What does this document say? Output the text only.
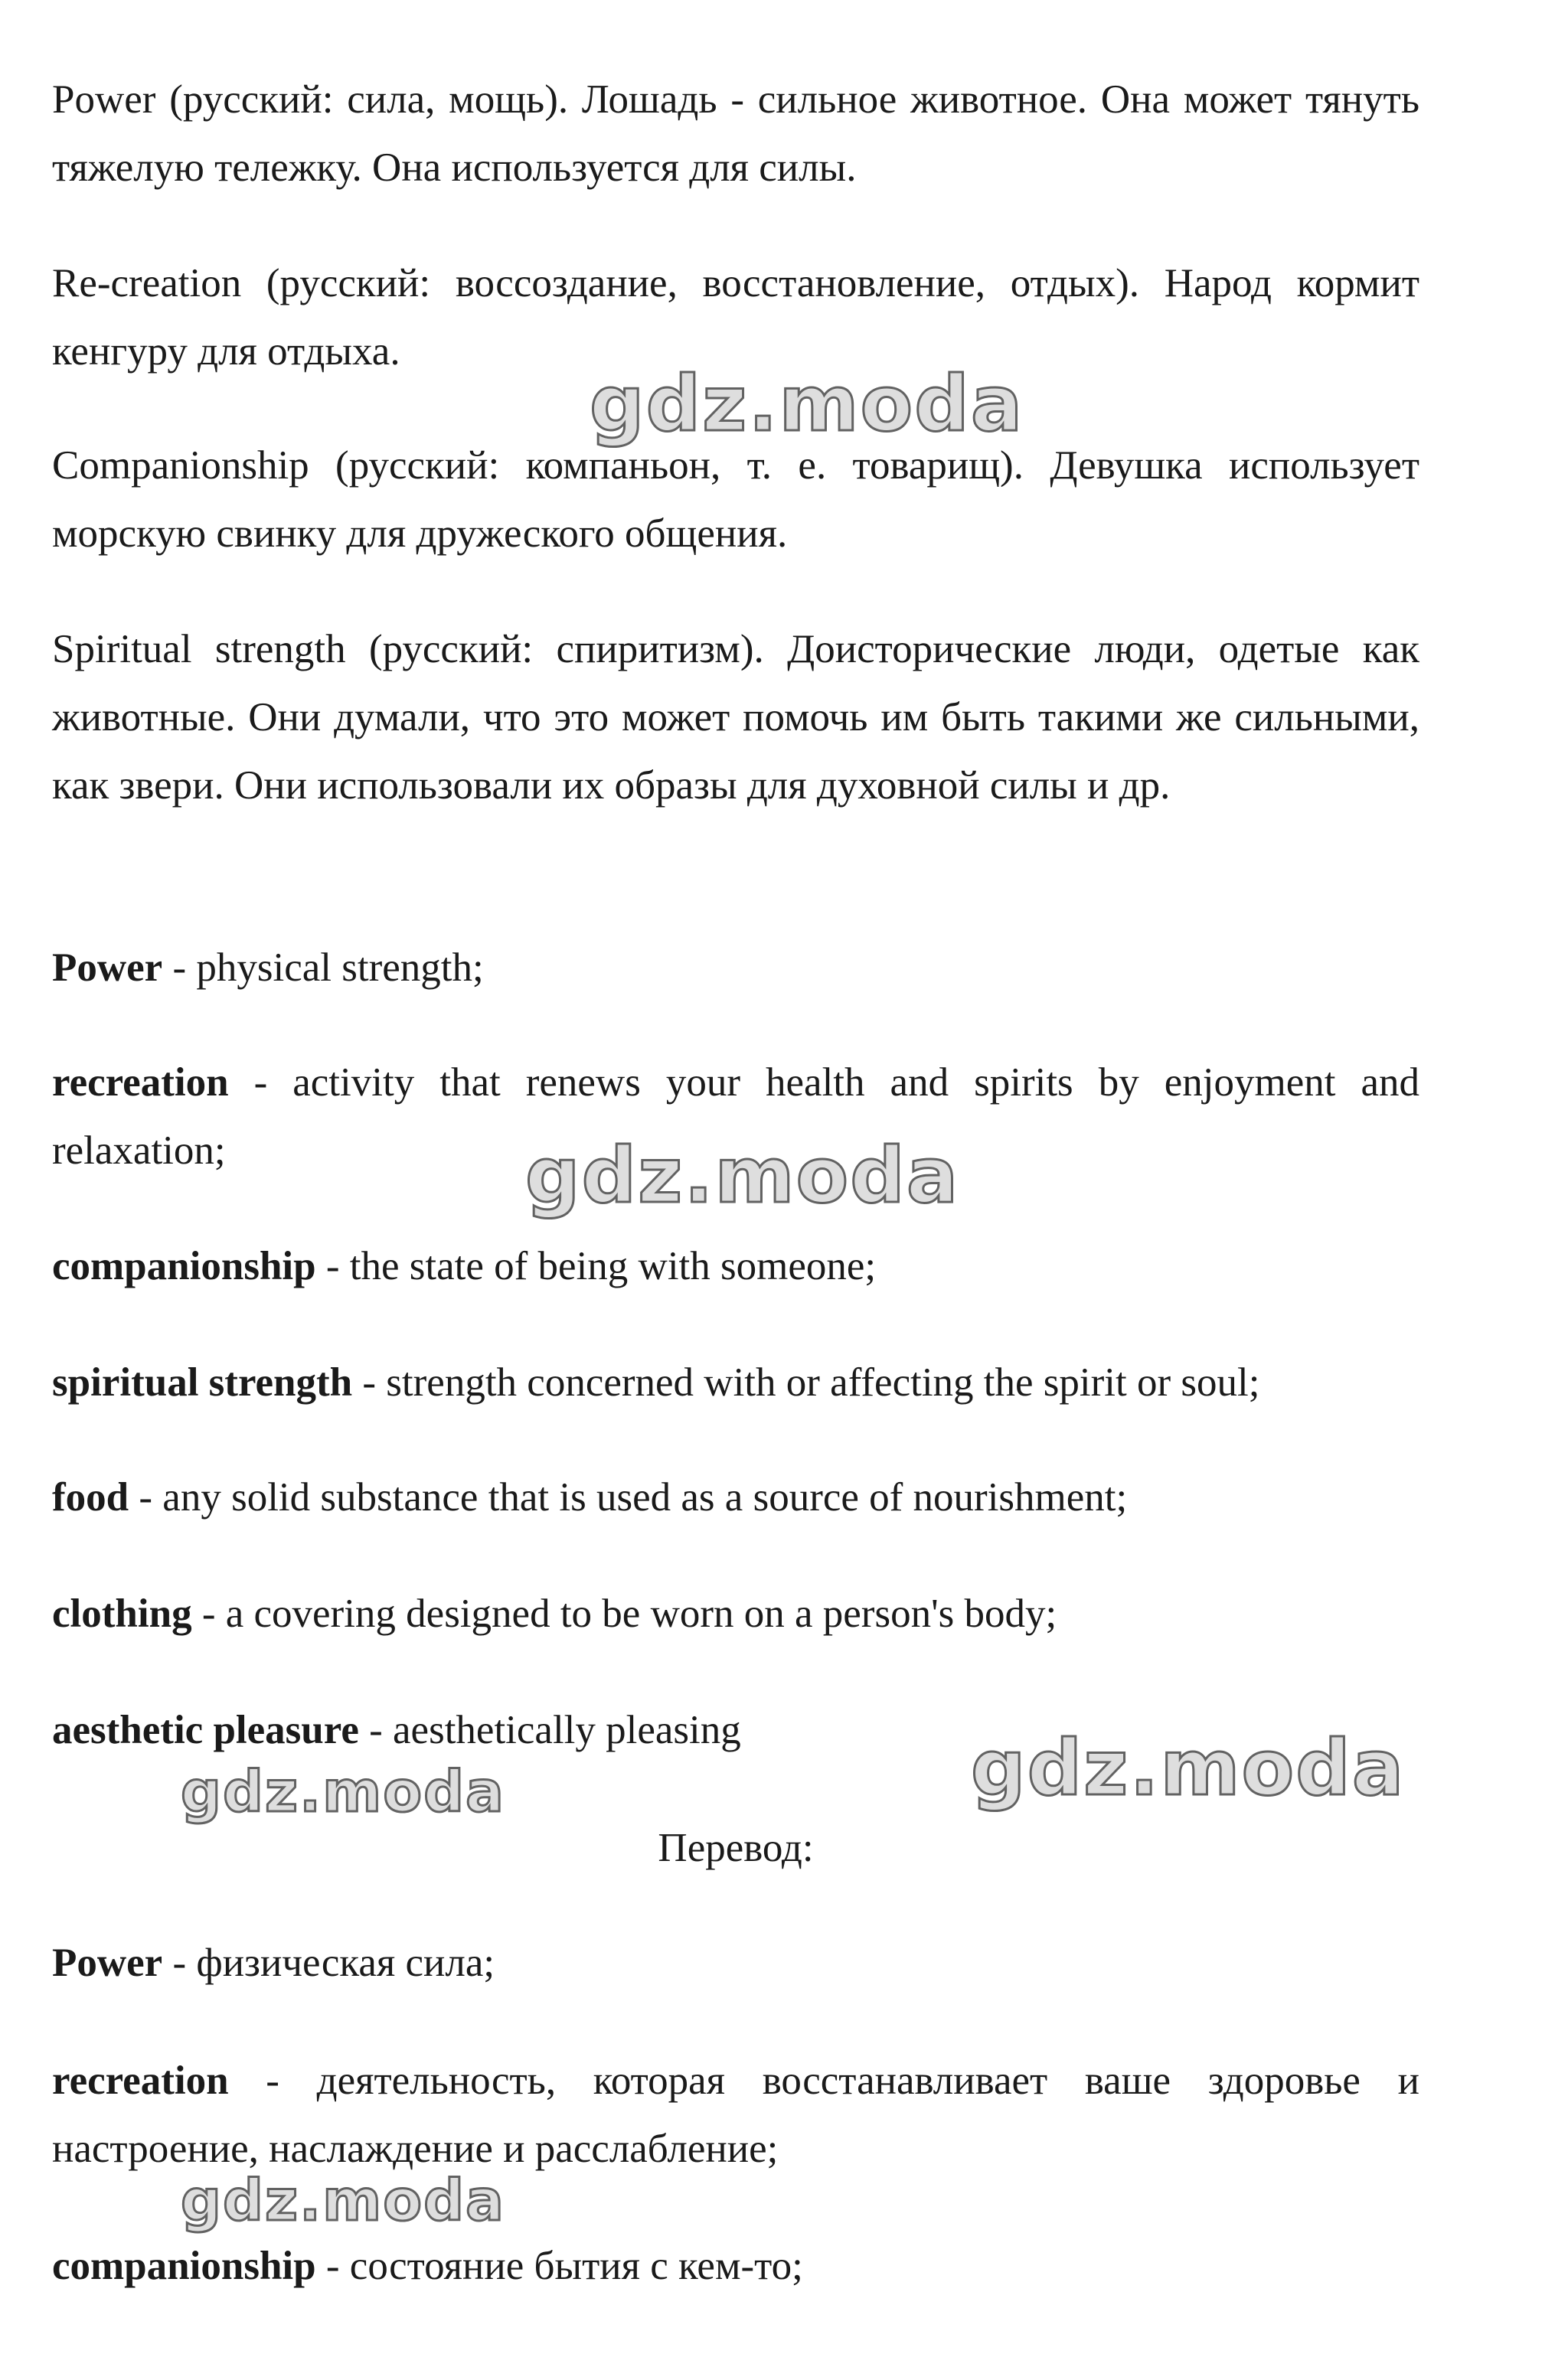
Power (русский: сила, мощь). Лошадь - сильное животное. Она может тянуть тяжелую тележку. Она используется для силы.

Re-creation (русский: воссоздание, восстановление, отдых). Народ кормит кенгуру для отдыха.

Companionship (русский: компаньон, т. е. товарищ). Девушка использует морскую свинку для дружеского общения.

Spiritual strength (русский: спиритизм). Доисторические люди, одетые как животные. Они думали, что это может помочь им быть такими же сильными, как звери. Они использовали их образы для духовной силы и др.

Power - physical strength;

recreation - activity that renews your health and spirits by enjoyment and relaxation;

companionship - the state of being with someone;

spiritual strength - strength concerned with or affecting the spirit or soul;

food - any solid substance that is used as a source of nourishment;

clothing - a covering designed to be worn on a person's body;

aesthetic pleasure - aesthetically pleasing

Перевод:

Power - физическая сила;

recreation - деятельность, которая восстанавливает ваше здоровье и настроение, наслаждение и расслабление;

companionship - состояние бытия с кем-то;

gdz.moda
gdz.moda
gdz.moda
gdz.moda
gdz.moda
